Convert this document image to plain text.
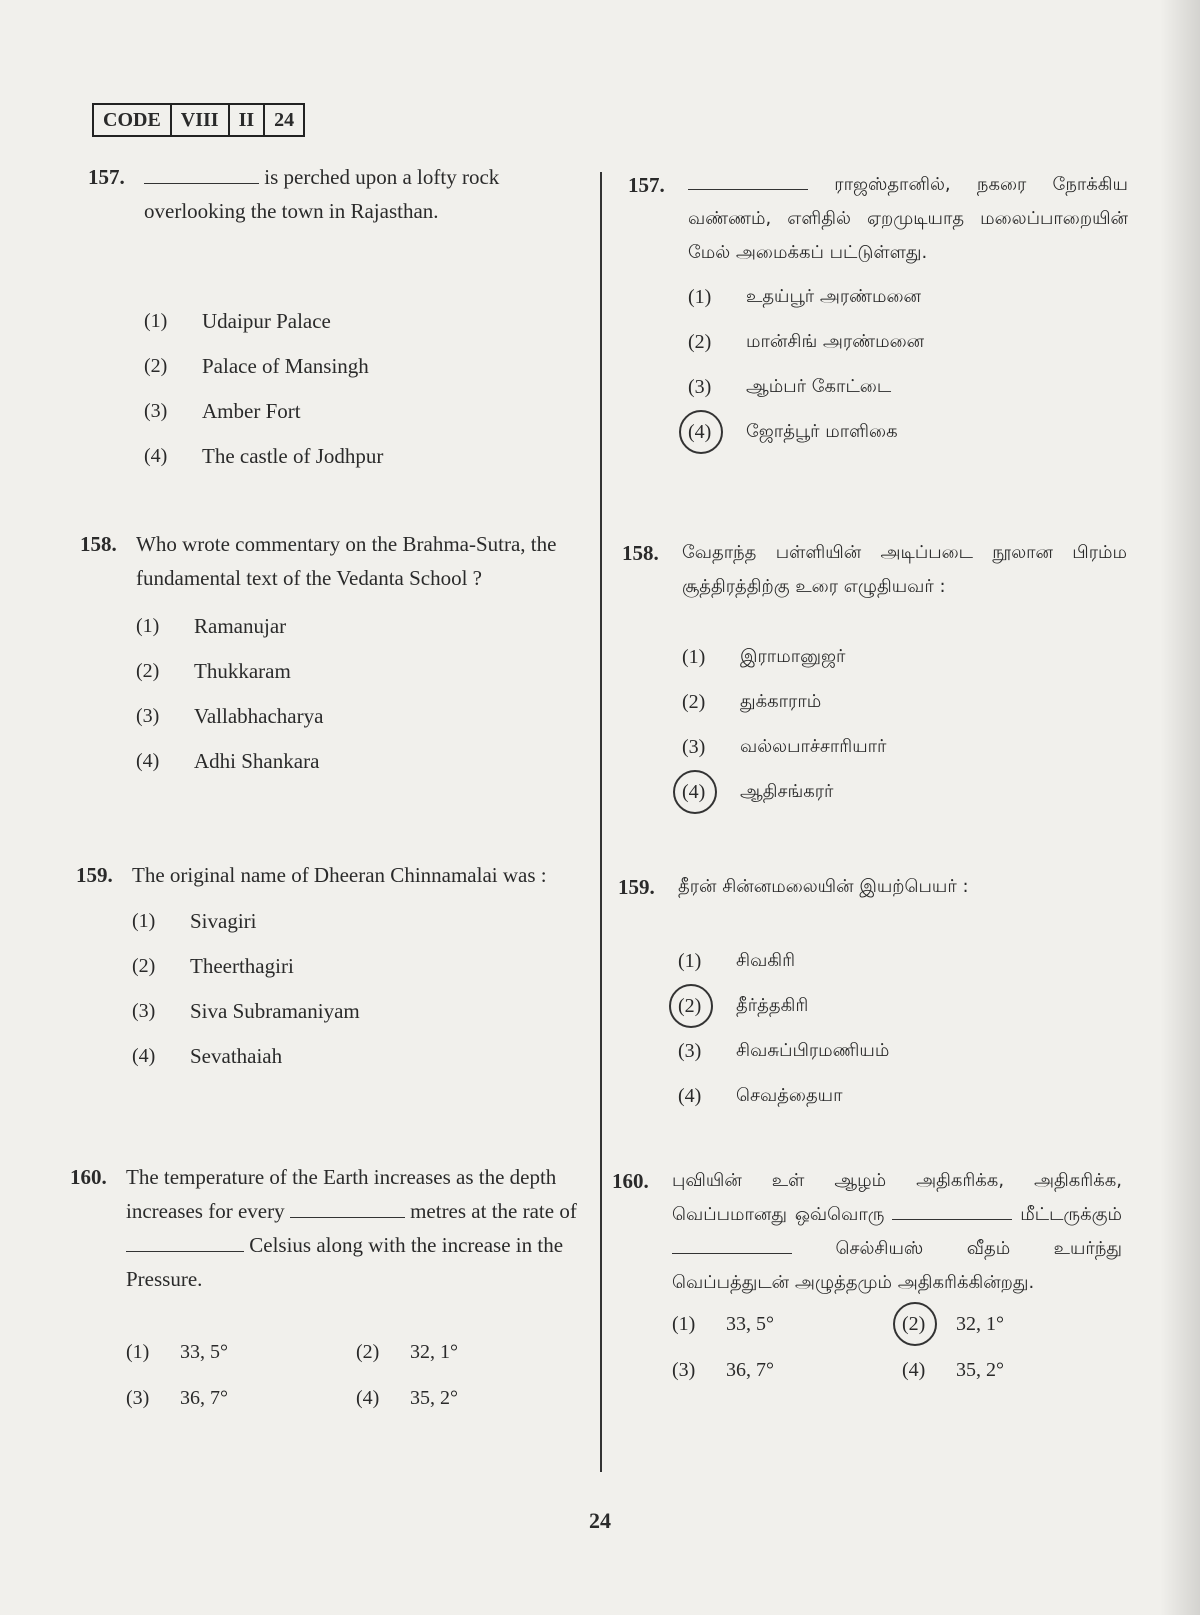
CODE	VIII	II	24
157.	is perched upon a lofty rock overlooking the town in Rajasthan.
(1)	Udaipur Palace
(2)	Palace of Mansingh
(3)	Amber Fort
(4)	The castle of Jodhpur
158. Who wrote commentary on the Brahma-Sutra, the fundamental text of the Vedanta School ?
(1)	Ramanujar
(2)	Thukkaram
(3)	Vallabhacharya
(4)	Adhi Shankara
159. The original name of Dheeran Chinnamalai was :
(1)	Sivagiri
(2)	Theerthagiri
(3)	Siva Subramaniyam
(4)	Sevathaiah
160. The temperature of the Earth increases as the depth increases for every	metres at the rate of  Celsius along with the increase in the Pressure.
(1)	33, 5°	(2)	32, 1°
(3)	36, 7°	(4)	35, 2°
157.	ராஜஸ்தானில், நகரை நோக்கிய வண்ணம், எளிதில் ஏறமுடியாத மலைப்பாறையின் மேல் அமைக்கப் பட்டுள்ளது.
(1)	உதய்பூர் அரண்மனை
(2)	மான்சிங் அரண்மனை
(3)	ஆம்பர் கோட்டை
(4)	ஜோத்பூர் மாளிகை
158. வேதாந்த பள்ளியின் அடிப்படை நூலான பிரம்ம சூத்திரத்திற்கு உரை எழுதியவர் :
(1)	இராமானுஜர்
(2)	துக்காராம்
(3)	வல்லபாச்சாரியார்
(4)	ஆதிசங்கரர்
159. தீரன் சின்னமலையின் இயற்பெயர் :
(1)	சிவகிரி
(2)	தீர்த்தகிரி
(3)	சிவசுப்பிரமணியம்
(4)	செவத்தையா
160. புவியின் உள் ஆழம் அதிகரிக்க, அதிகரிக்க, வெப்பமானது ஒவ்வொரு	மீட்டருக்கும்  செல்சியஸ் வீதம் உயர்ந்து வெப்பத்துடன் அழுத்தமும் அதிகரிக்கின்றது.
(1)	33, 5°	(2)	32, 1°
(3)	36, 7°	(4)	35, 2°
24
